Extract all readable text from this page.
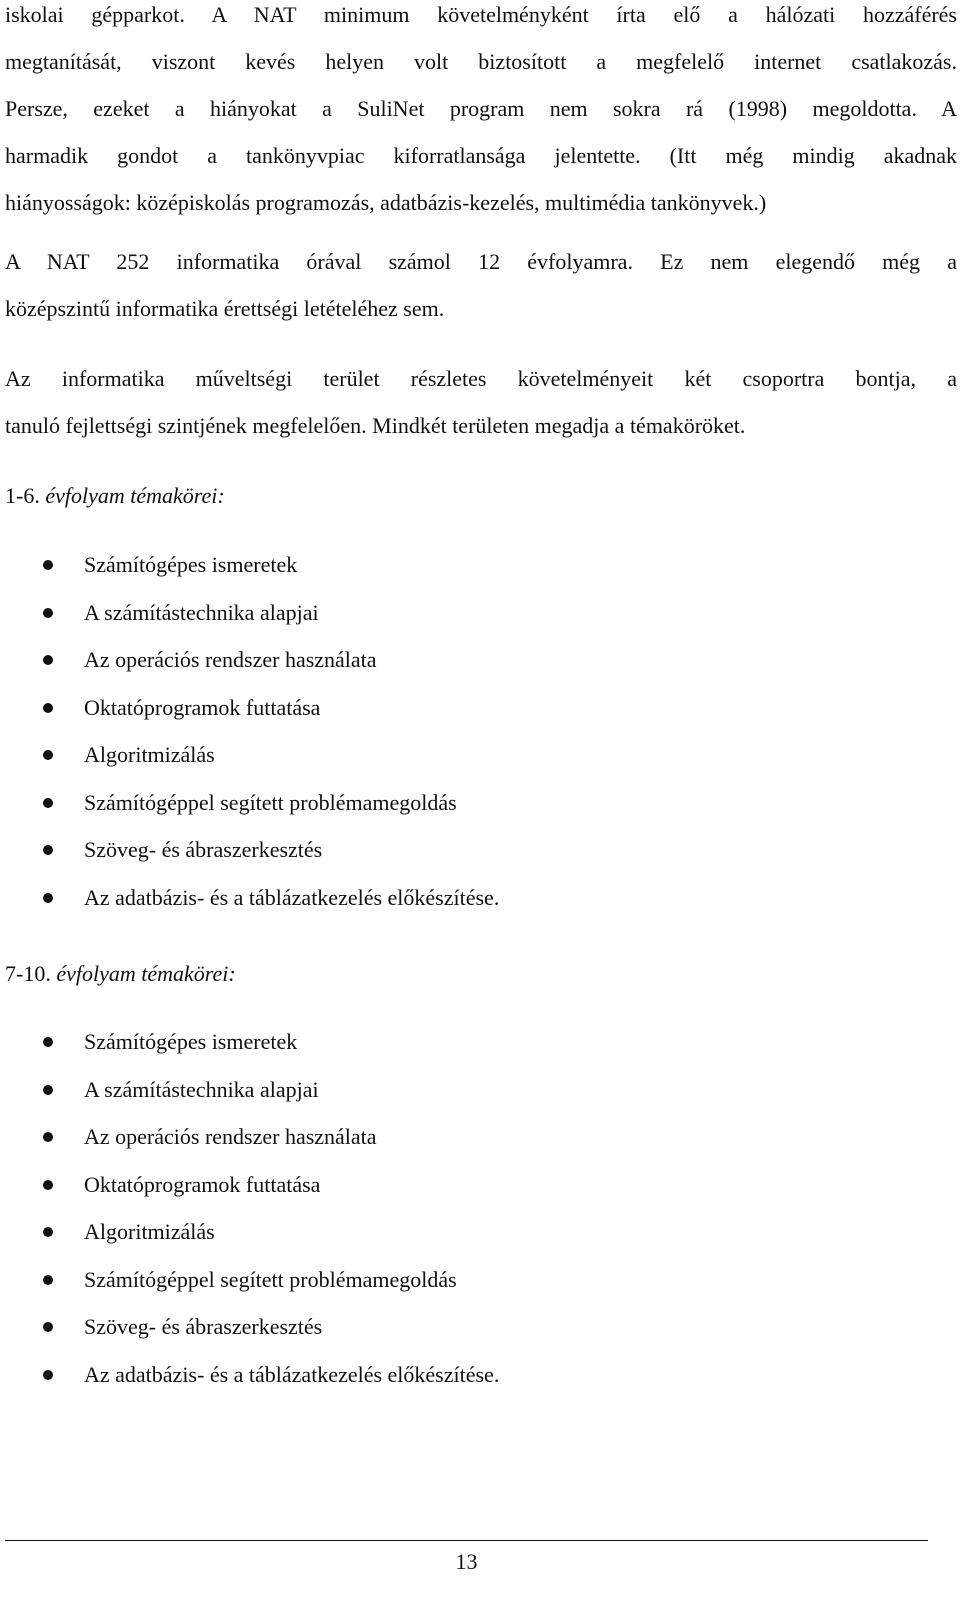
iskolai gépparkot. A NAT minimum követelményként írta elő a hálózati hozzáférés
megtanítását, viszont kevés helyen volt biztosított a megfelelő internet csatlakozás.
Persze, ezeket a hiányokat a SuliNet program nem sokra rá (1998) megoldotta. A
harmadik gondot a tankönyvpiac kiforratlansága jelentette. (Itt még mindig akadnak
hiányosságok: középiskolás programozás, adatbázis-kezelés, multimédia tankönyvek.)
A NAT 252 informatika órával számol 12 évfolyamra. Ez nem elegendő még a
középszintű informatika érettségi letételéhez sem.
Az informatika műveltségi terület részletes követelményeit két csoportra bontja, a
tanuló fejlettségi szintjének megfelelően. Mindkét területen megadja a témaköröket.
1-6. évfolyam témakörei:
Számítógépes ismeretek
A számítástechnika alapjai
Az operációs rendszer használata
Oktatóprogramok futtatása
Algoritmizálás
Számítógéppel segített problémamegoldás
Szöveg- és ábraszerkesztés
Az adatbázis- és a táblázatkezelés előkészítése.
7-10. évfolyam témakörei:
Számítógépes ismeretek
A számítástechnika alapjai
Az operációs rendszer használata
Oktatóprogramok futtatása
Algoritmizálás
Számítógéppel segített problémamegoldás
Szöveg- és ábraszerkesztés
Az adatbázis- és a táblázatkezelés előkészítése.
13
